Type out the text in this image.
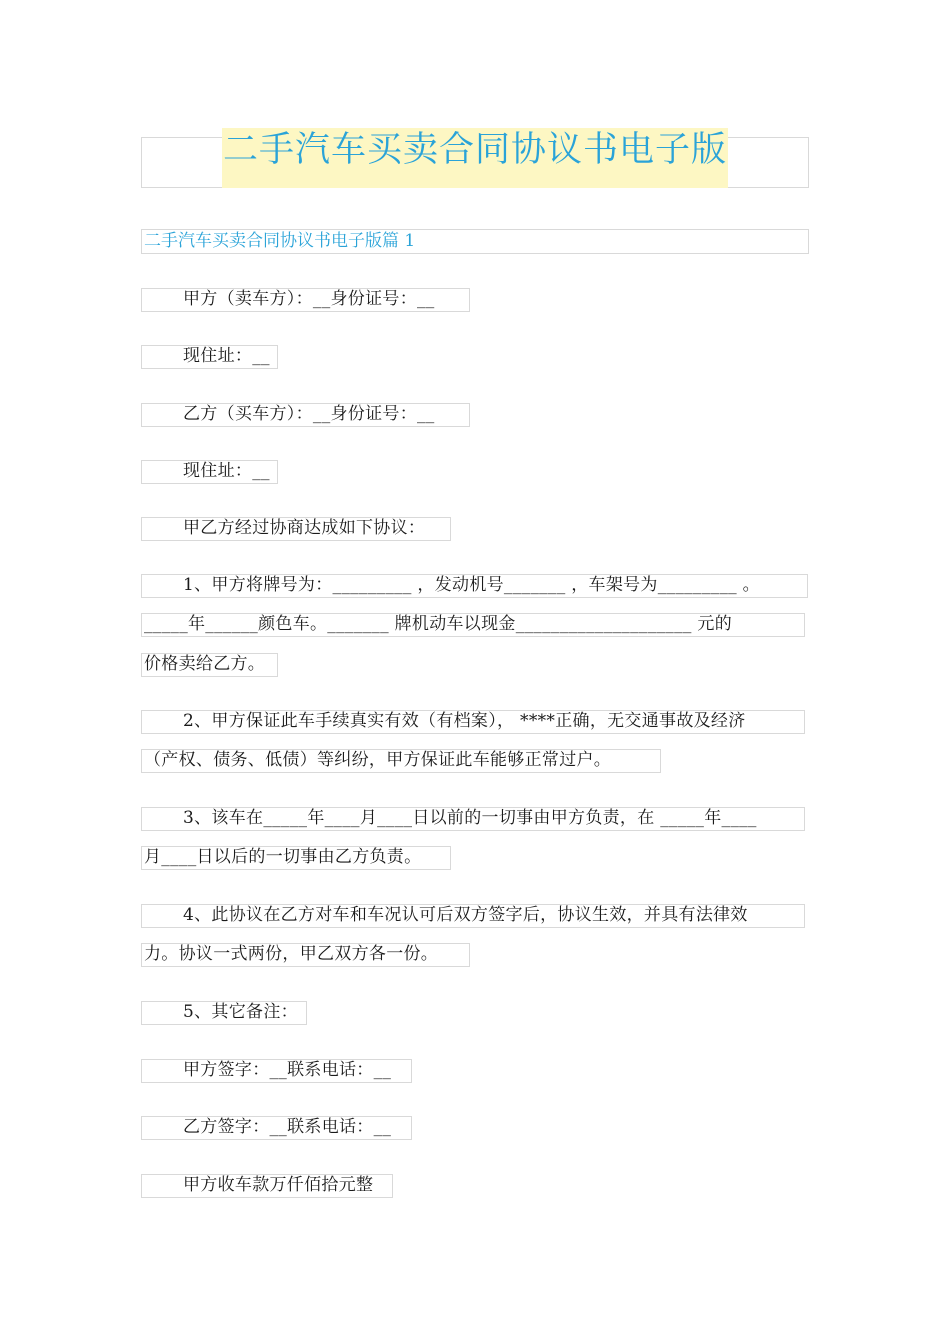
二手汽车买卖合同协议书电子版
二手汽车买卖合同协议书电子版篇 1
甲方（卖车方）：__身份证号：__
现住址：__
乙方（买车方）：__身份证号：__
现住址：__
甲乙方经过协商达成如下协议：
1、甲方将牌号为：_________ ，发动机号_______ ，车架号为_________ 。
_____年______颜色车。_______ 牌机动车以现金____________________ 元的
价格卖给乙方。
2、甲方保证此车手续真实有效（有档案）， ****正确，无交通事故及经济
（产权、债务、低债）等纠纷，甲方保证此车能够正常过户。
3、该车在_____年____月____日以前的一切事由甲方负责，在 _____年____
月____日以后的一切事由乙方负责。
4、此协议在乙方对车和车况认可后双方签字后，协议生效，并具有法律效
力。协议一式两份，甲乙双方各一份。
5、其它备注：
甲方签字：__联系电话：__
乙方签字：__联系电话：__
甲方收车款万仟佰拾元整
